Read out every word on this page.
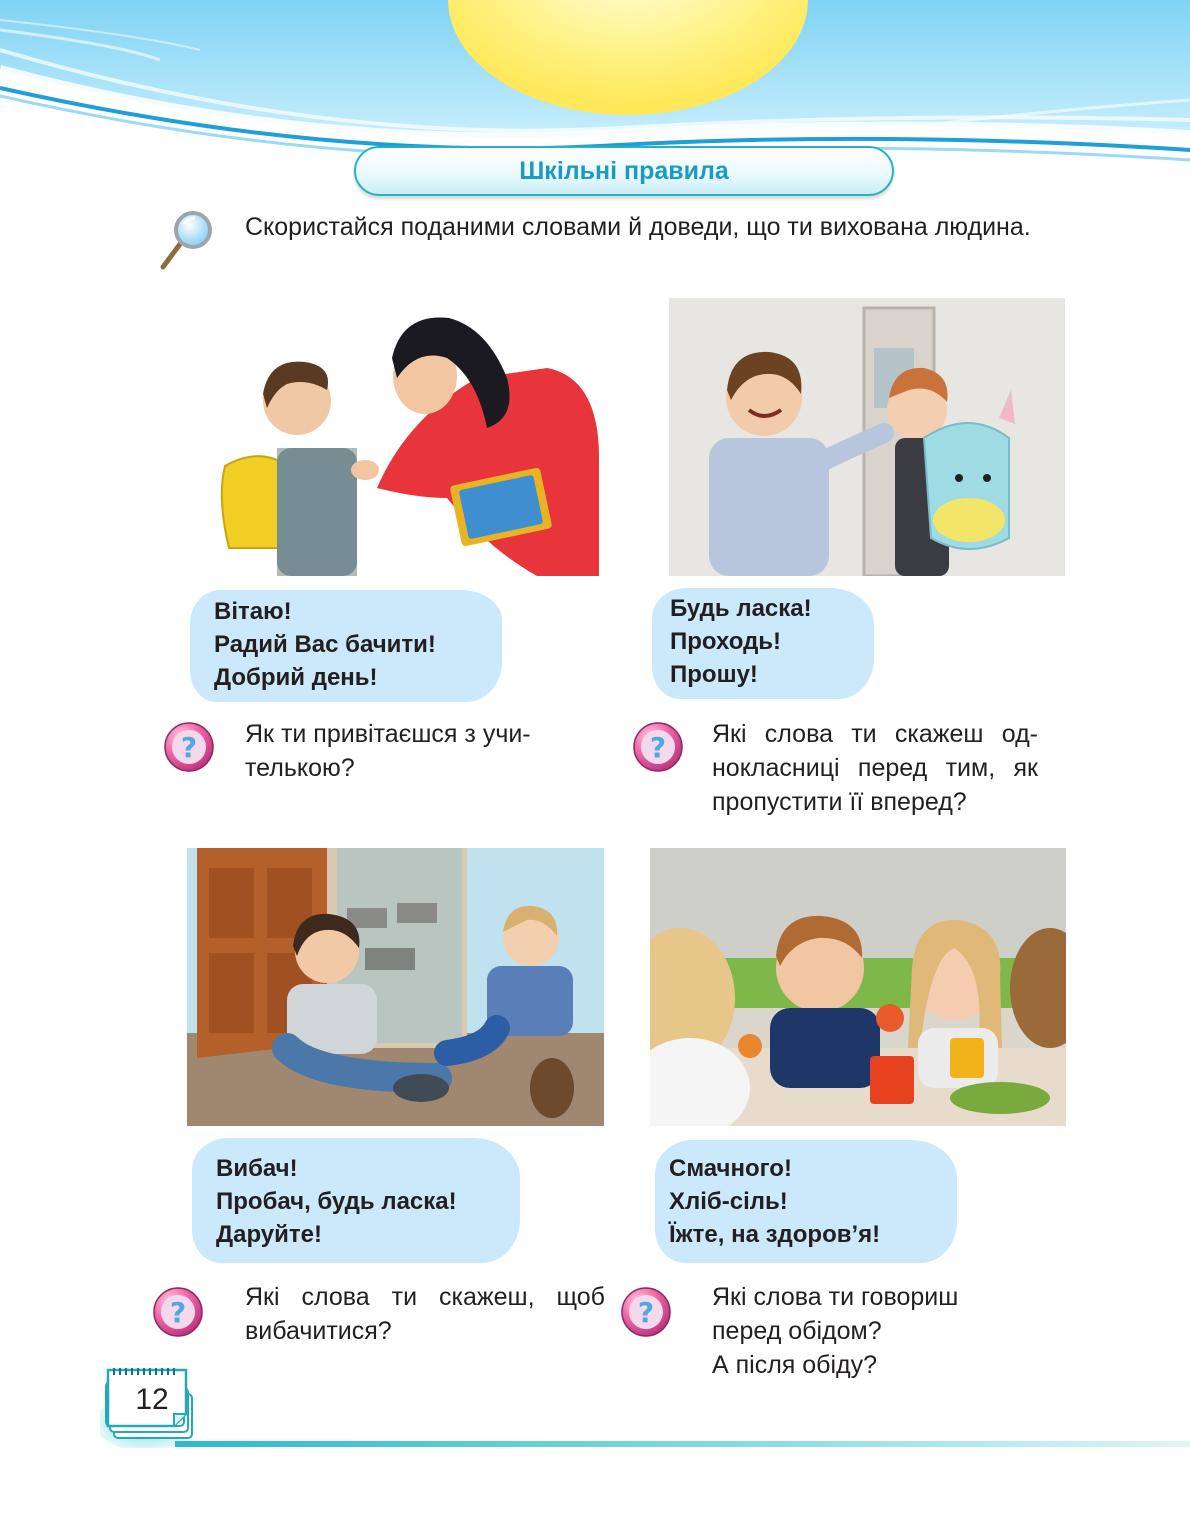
Шкільні правила
Скористайся поданими словами й доведи, що ти вихована людина.
Вітаю!
Радий Вас бачити!
Добрий день!
Будь ласка!
Проходь!
Прошу!
? Як ти привітаєшся з учи-
телькою?
? Які слова ти скажеш од-
нокласниці перед тим, як
пропустити її вперед?
Вибач!
Пробач, будь ласка!
Даруйте!
Смачного!
Хліб-сіль!
Їжте, на здоров’я!
? Які слова ти скажеш, щоб
вибачитися?
? Які слова ти говориш
перед обідом?
А після обіду?
12
